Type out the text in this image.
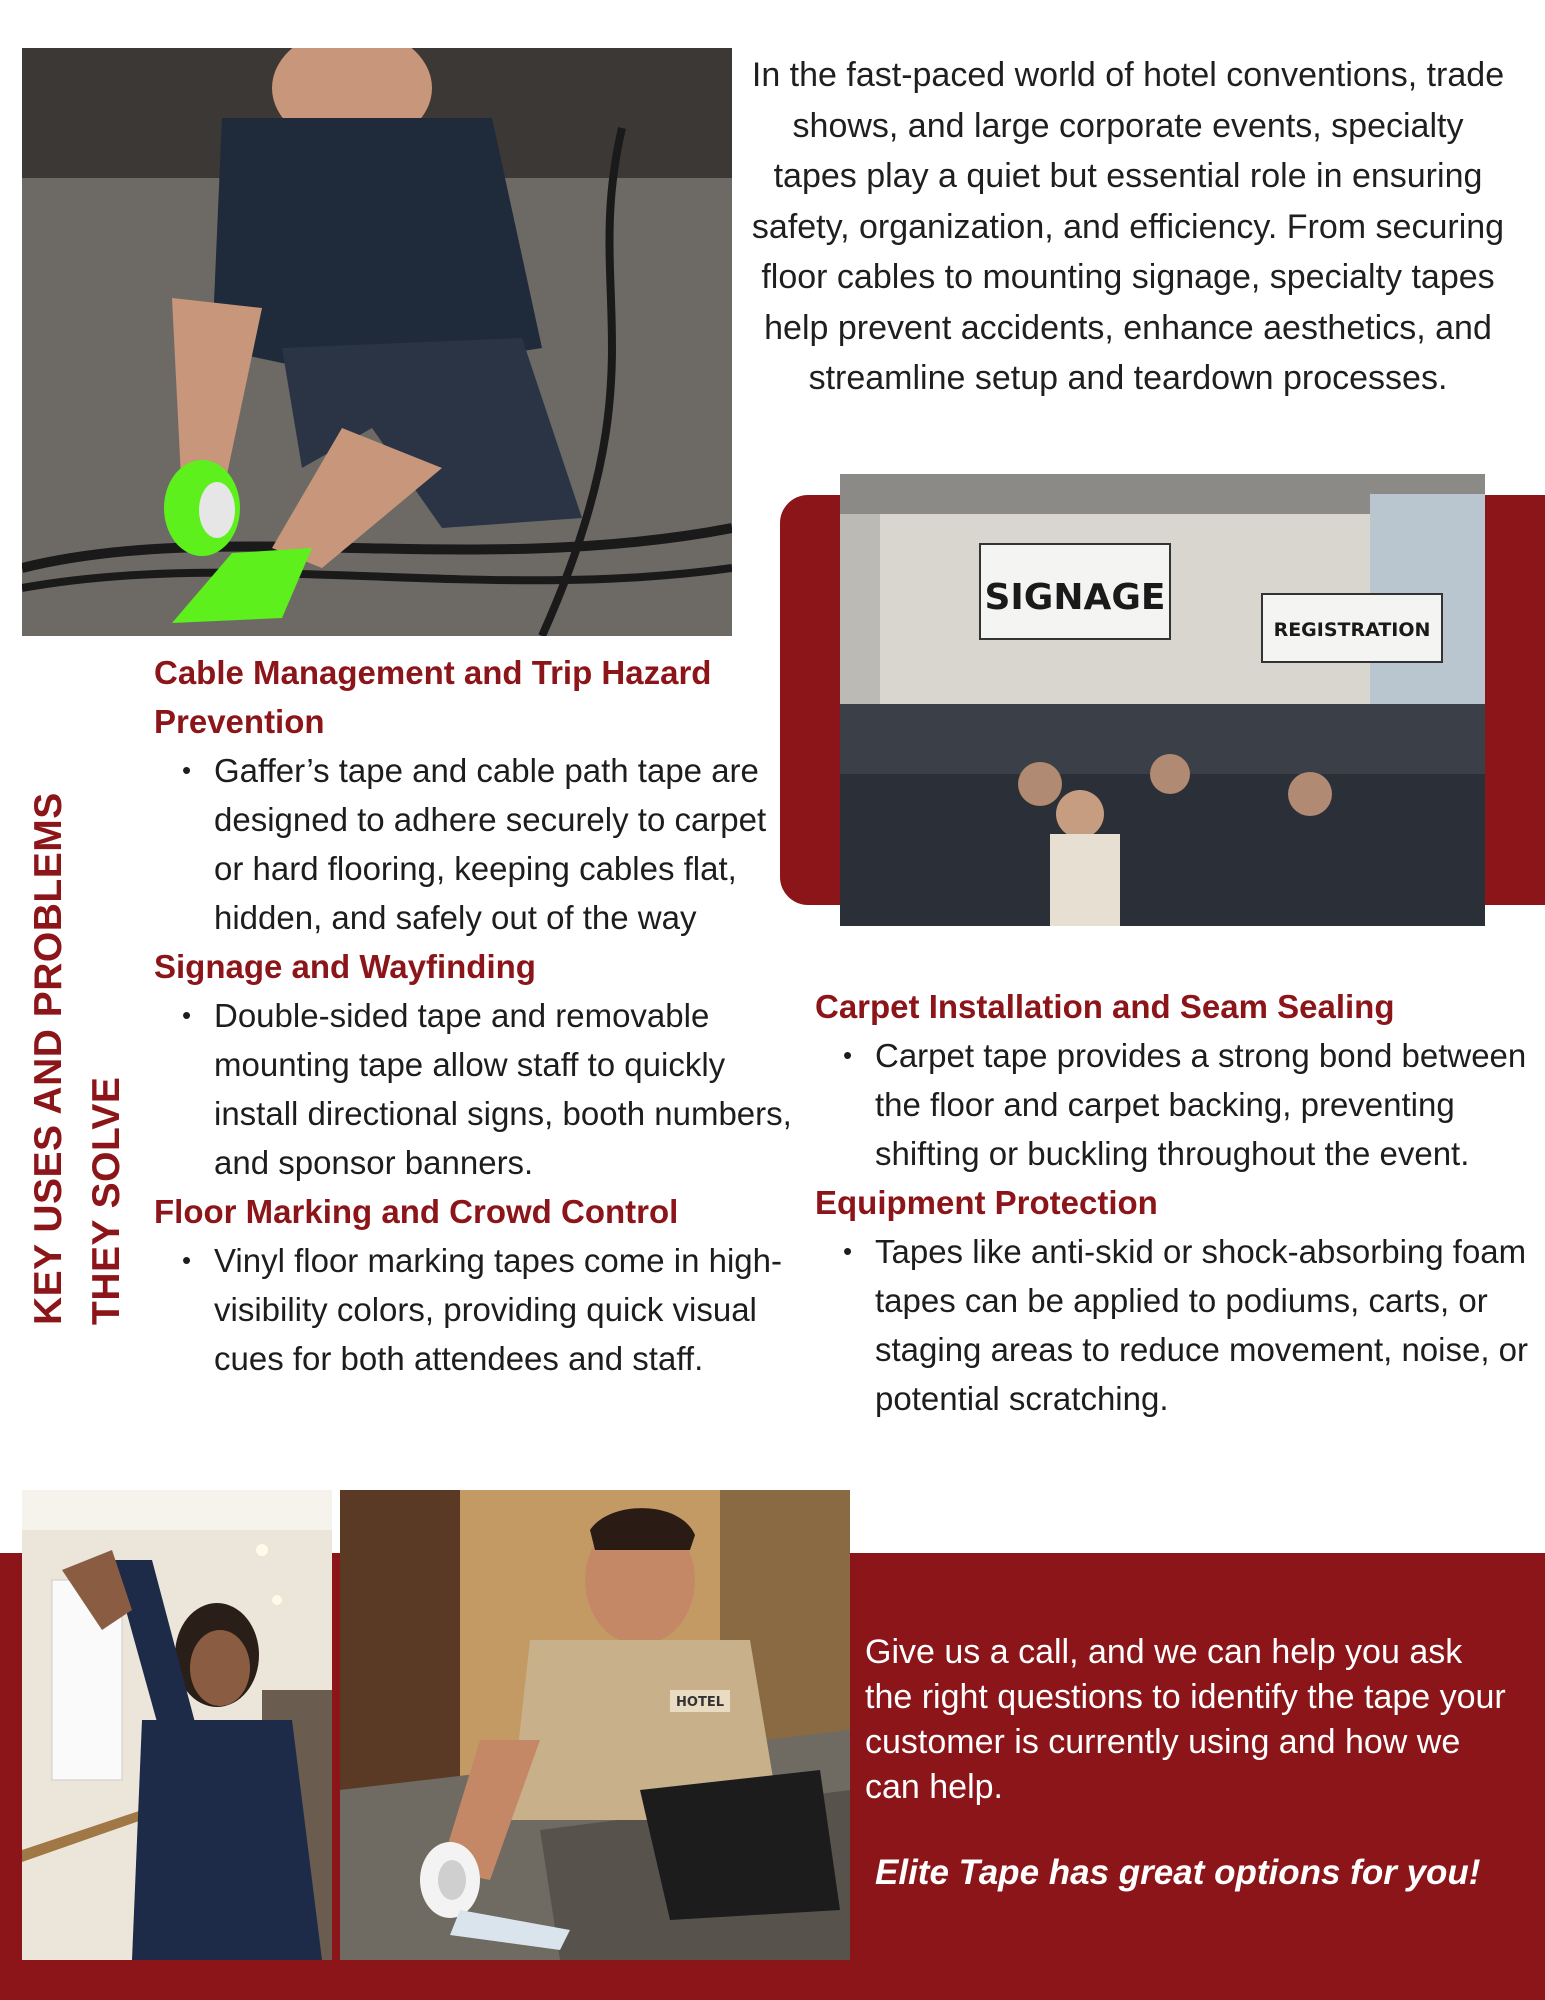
In the fast-paced world of hotel conventions, trade shows, and large corporate events, specialty tapes play a quiet but essential role in ensuring safety, organization, and efficiency. From securing floor cables to mounting signage, specialty tapes help prevent accidents, enhance aesthetics, and streamline setup and teardown processes.

SIGNAGE
REGISTRATION
KEY USES AND PROBLEMS THEY SOLVE
Cable Management and Trip Hazard Prevention
• Gaffer’s tape and cable path tape are designed to adhere securely to carpet or hard flooring, keeping cables flat, hidden, and safely out of the way
Signage and Wayfinding
• Double-sided tape and removable mounting tape allow staff to quickly install directional signs, booth numbers, and sponsor banners.
Floor Marking and Crowd Control
• Vinyl floor marking tapes come in high-visibility colors, providing quick visual cues for both attendees and staff.
Carpet Installation and Seam Sealing
• Carpet tape provides a strong bond between the floor and carpet backing, preventing shifting or buckling throughout the event.
Equipment Protection
• Tapes like anti-skid or shock-absorbing foam tapes can be applied to podiums, carts, or staging areas to reduce movement, noise, or potential scratching.
HOTEL

Give us a call, and we can help you ask the right questions to identify the tape your customer is currently using and how we can help.

Elite Tape has great options for you!
